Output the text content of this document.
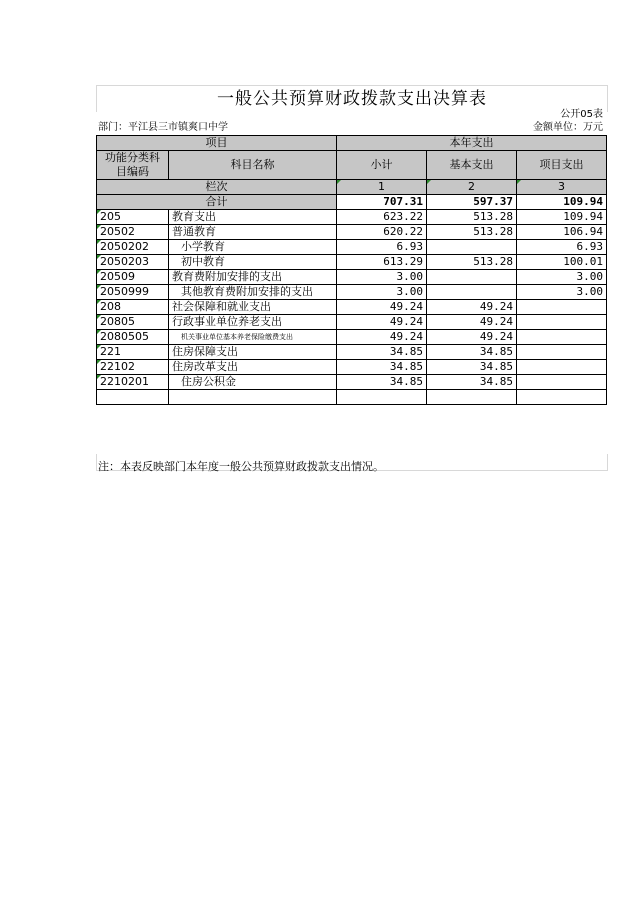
一般公共预算财政拨款支出决算表
公开05表
部门：平江县三市镇爽口中学	金额单位：万元
项目		本年支出		
功能分类科目编码	科目名称	小计	基本支出	项目支出
栏次		1	2	3
合计		707.31	597.37	109.94
205	教育支出	623.22	513.28	109.94
20502	普通教育	620.22	513.28	106.94
2050202	小学教育	6.93		6.93
2050203	初中教育	613.29	513.28	100.01
20509	教育费附加安排的支出	3.00		3.00
2050999	其他教育费附加安排的支出	3.00		3.00
208	社会保障和就业支出	49.24	49.24	
20805	行政事业单位养老支出	49.24	49.24	
2080505	机关事业单位基本养老保险缴费支出	49.24	49.24	
221	住房保障支出	34.85	34.85	
22102	住房改革支出	34.85	34.85	
2210201	住房公积金	34.85	34.85	

注：本表反映部门本年度一般公共预算财政拨款支出情况。
